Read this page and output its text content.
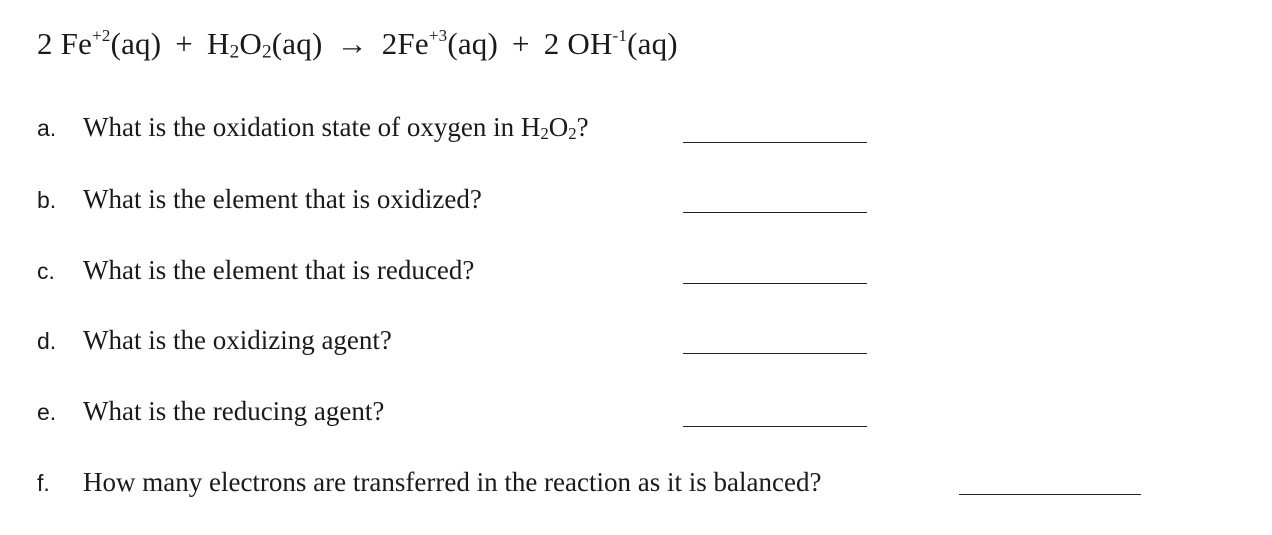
2 $Fe^{+2}(aq) + H_2O_2(aq) \to 2Fe^{+3}(aq) + 2$ $OH^{-1}(aq)$
a. What is the oxidation state of oxygen in $H_2O_2$?
b. What is the element that is oxidized?
c. What is the element that is reduced?
d. What is the oxidizing agent?
e. What is the reducing agent?
f. How many electrons are transferred in the reaction as it is balanced?
